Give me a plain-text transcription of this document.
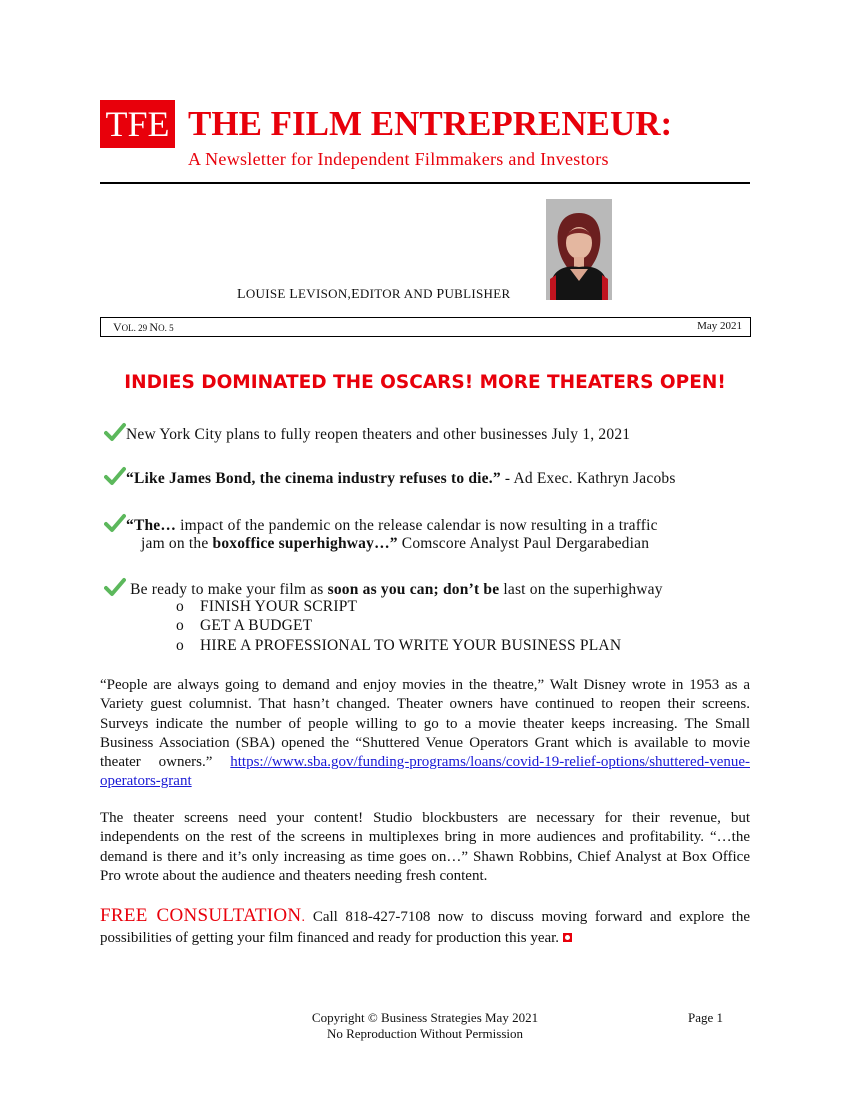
TFE THE FILM ENTREPRENEUR:
A Newsletter for Independent Filmmakers and Investors
LOUISE LEVISON,EDITOR AND PUBLISHER
VOL. 29 NO. 5	May 2021
INDIES DOMINATED THE OSCARS! MORE THEATERS OPEN!
New York City plans to fully reopen theaters and other businesses July 1, 2021
“Like James Bond, the cinema industry refuses to die.” - Ad Exec. Kathryn Jacobs
“The… impact of the pandemic on the release calendar is now resulting in a traffic
jam on the boxoffice superhighway…” Comscore Analyst Paul Dergarabedian
Be ready to make your film as soon as you can; don’t be last on the superhighway
o FINISH YOUR SCRIPT
o GET A BUDGET
o HIRE A PROFESSIONAL TO WRITE YOUR BUSINESS PLAN
“People are always going to demand and enjoy movies in the theatre,” Walt Disney wrote in 1953 as a Variety guest columnist. That hasn’t changed. Theater owners have continued to reopen their screens. Surveys indicate the number of people willing to go to a movie theater keeps increasing. The Small Business Association (SBA) opened the “Shuttered Venue Operators Grant which is available to movie theater owners.” https://www.sba.gov/funding-programs/loans/covid-19-relief-options/shuttered-venue-operators-grant
The theater screens need your content! Studio blockbusters are necessary for their revenue, but independents on the rest of the screens in multiplexes bring in more audiences and profitability. “…the demand is there and it’s only increasing as time goes on…” Shawn Robbins, Chief Analyst at Box Office Pro wrote about the audience and theaters needing fresh content.
FREE CONSULTATION. Call 818-427-7108 now to discuss moving forward and explore the possibilities of getting your film financed and ready for production this year.
Copyright © Business Strategies May 2021
No Reproduction Without Permission
Page 1
